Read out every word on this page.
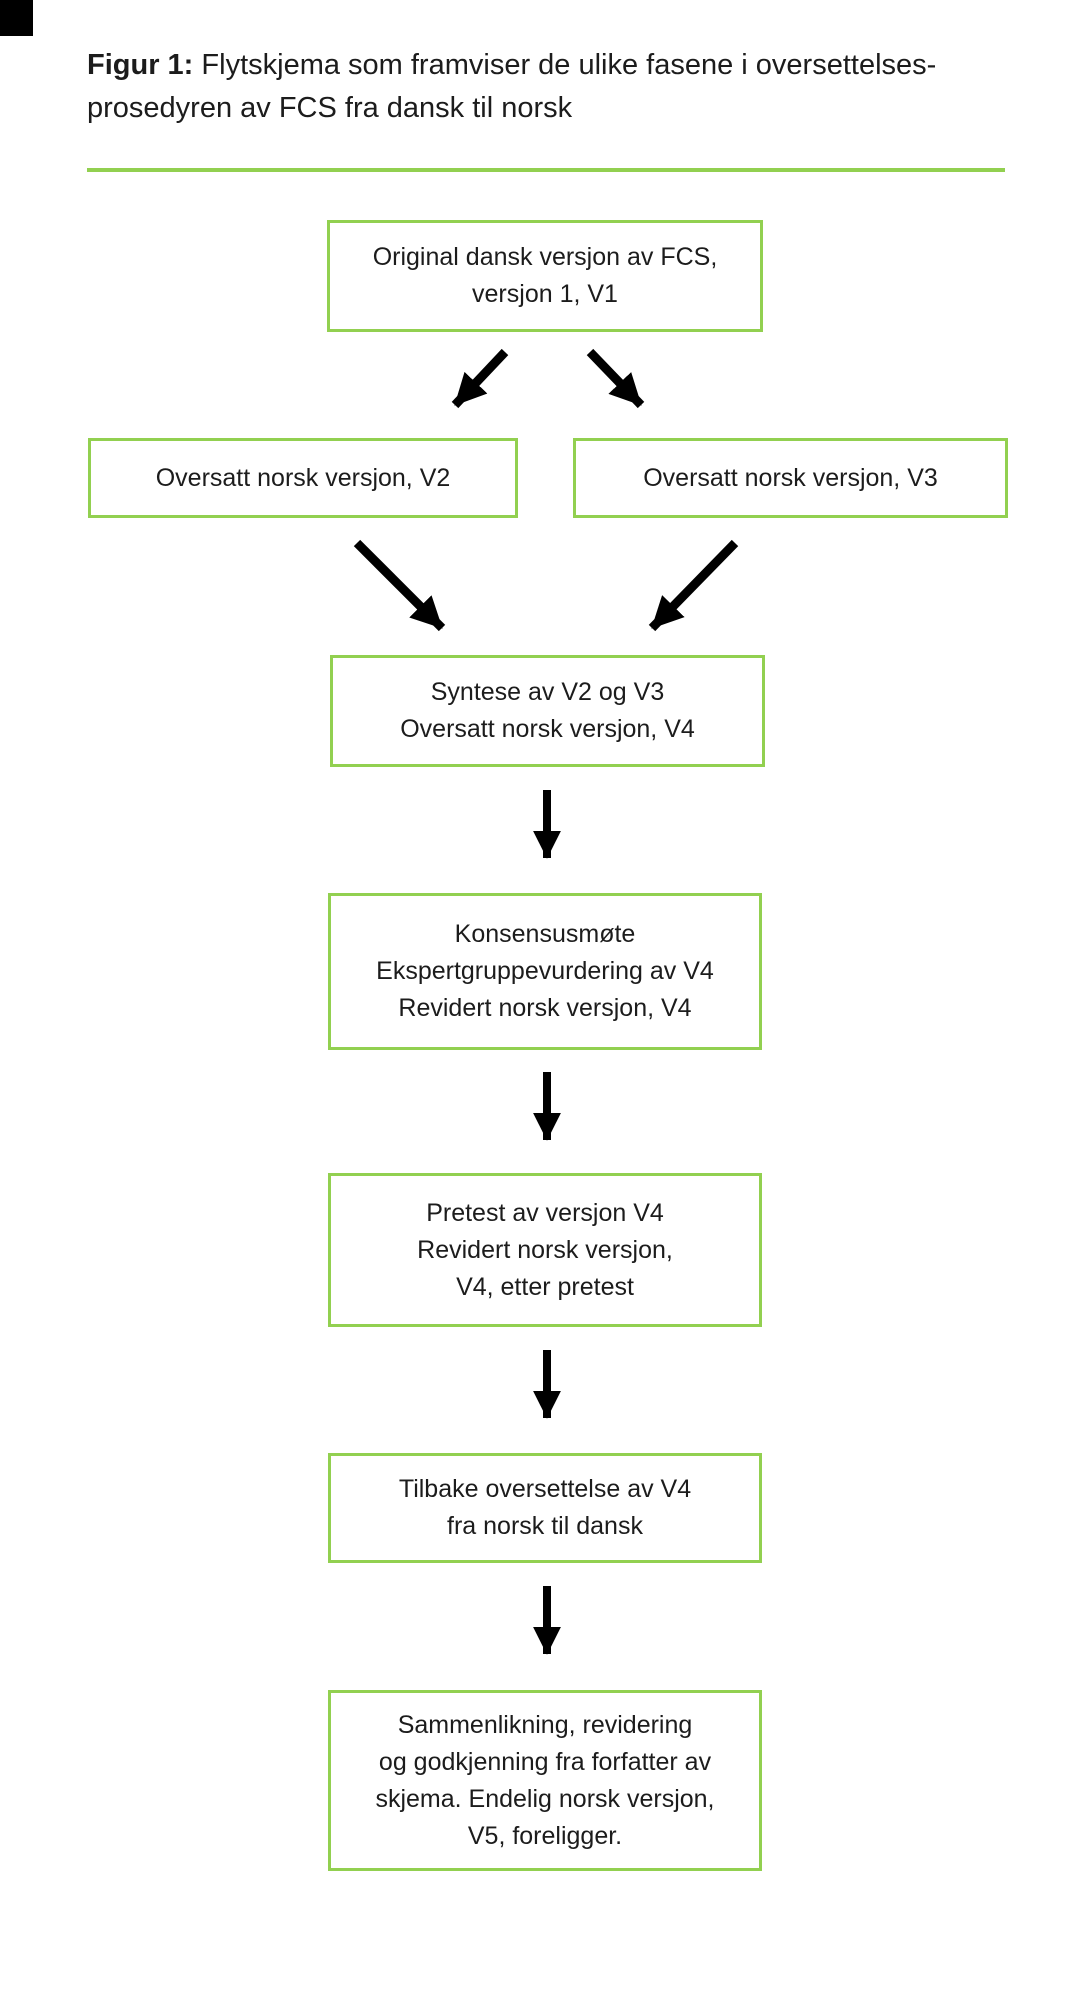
Figur 1: Flytskjema som framviser de ulike fasene i oversettelses-
prosedyren av FCS fra dansk til norsk
Original dansk versjon av FCS,
versjon 1, V1
Oversatt norsk versjon, V2	Oversatt norsk versjon, V3
Syntese av V2 og V3
Oversatt norsk versjon, V4
Konsensusmøte
Ekspertgruppevurdering av V4
Revidert norsk versjon, V4
Pretest av versjon V4
Revidert norsk versjon,
V4, etter pretest
Tilbake oversettelse av V4
fra norsk til dansk
Sammenlikning, revidering
og godkjenning fra forfatter av
skjema. Endelig norsk versjon,
V5, foreligger.
